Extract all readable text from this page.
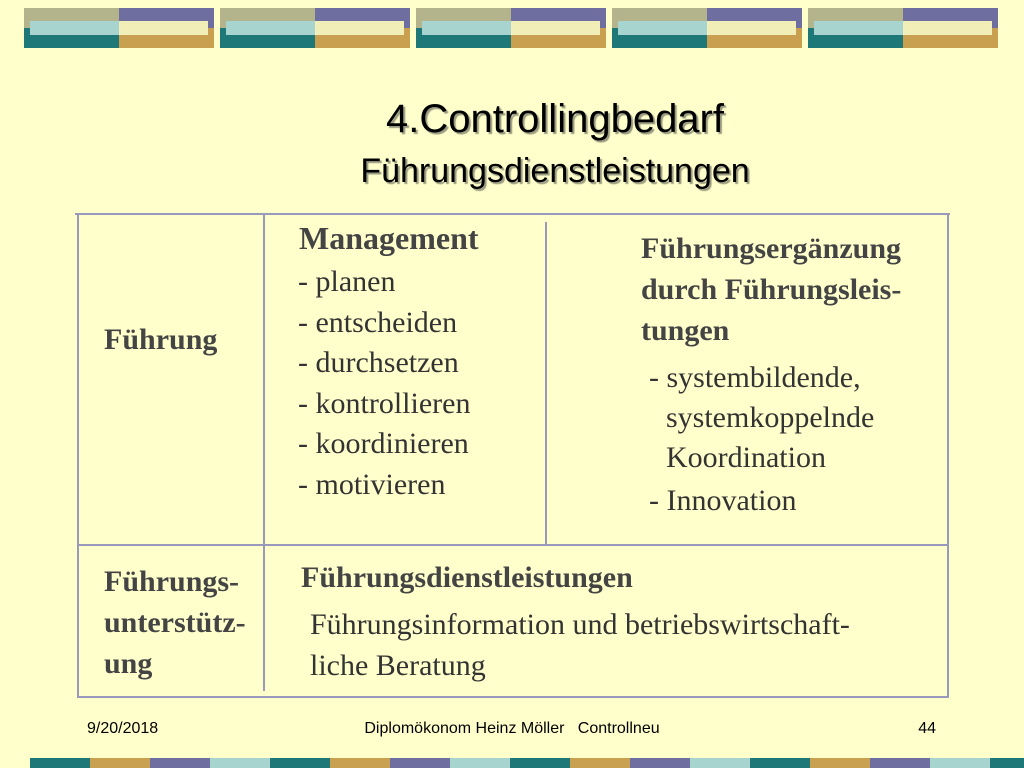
4.Controllingbedarf
Führungsdienstleistungen
Führung
Management
- planen
- entscheiden
- durchsetzen
- kontrollieren
- koordinieren
- motivieren
Führungsergänzung
durch Führungsleis-
tungen
- systembildende,
systemkoppelnde
Koordination
- Innovation
Führungs-
unterstütz-
ung
Führungsdienstleistungen
Führungsinformation und betriebswirtschaft-
liche Beratung
9/20/2018	Diplomökonom Heinz Möller   Controllneu	44
